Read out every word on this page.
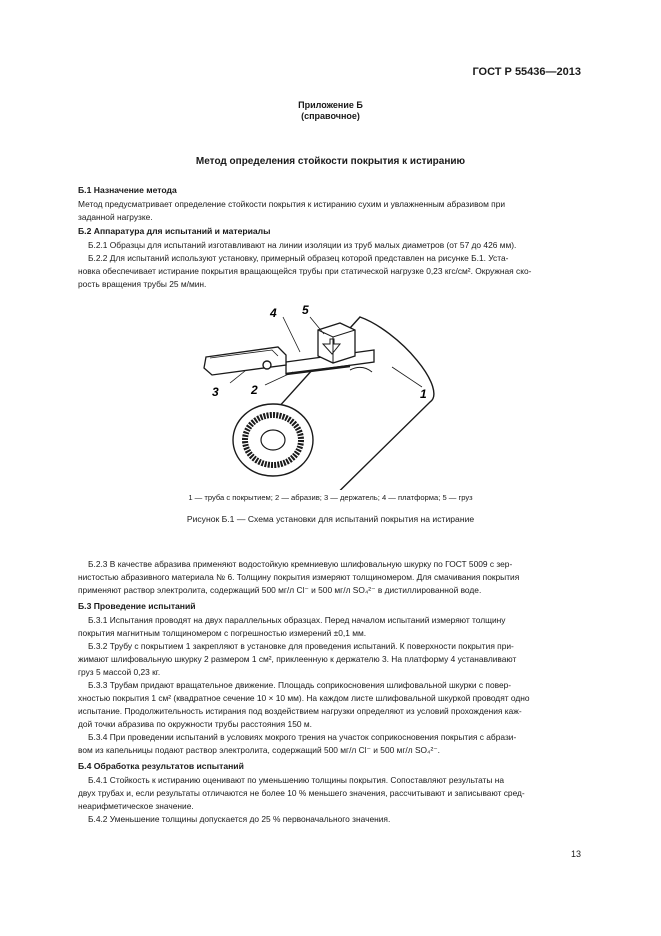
ГОСТ Р 55436—2013
Приложение Б
(справочное)
Метод определения стойкости покрытия к истиранию
Б.1 Назначение метода
Метод предусматривает определение стойкости покрытия к истиранию сухим и увлажненным абразивом при
заданной нагрузке.
Б.2 Аппаратура для испытаний и материалы
Б.2.1 Образцы для испытаний изготавливают на линии изоляции из труб малых диаметров (от 57 до 426 мм).
Б.2.2 Для испытаний используют установку, примерный образец которой представлен на рисунке Б.1. Уста-
новка обеспечивает истирание покрытия вращающейся трубы при статической нагрузке 0,23 кгс/см². Окружная ско-
рость вращения трубы 25 м/мин.
4 5
3	2	1
1 — труба с покрытием; 2 — абразив; 3 — держатель; 4 — платформа; 5 — груз
Рисунок Б.1 — Схема установки для испытаний покрытия на истирание
Б.2.3 В качестве абразива применяют водостойкую кремниевую шлифовальную шкурку по ГОСТ 5009 с зер-
нистостью абразивного материала № 6. Толщину покрытия измеряют толщиномером. Для смачивания покрытия
применяют раствор электролита, содержащий 500 мг/л Cl⁻ и 500 мг/л SO₄²⁻ в дистиллированной воде.
Б.3 Проведение испытаний
Б.3.1 Испытания проводят на двух параллельных образцах. Перед началом испытаний измеряют толщину
покрытия магнитным толщиномером с погрешностью измерений ±0,1 мм.
Б.3.2 Трубу с покрытием 1 закрепляют в установке для проведения испытаний. К поверхности покрытия при-
жимают шлифовальную шкурку 2 размером 1 см², приклеенную к держателю 3. На платформу 4 устанавливают
груз 5 массой 0,23 кг.
Б.3.3 Трубам придают вращательное движение. Площадь соприкосновения шлифовальной шкурки с повер-
хностью покрытия 1 см² (квадратное сечение 10 × 10 мм). На каждом листе шлифовальной шкуркой проводят одно
испытание. Продолжительность истирания под воздействием нагрузки определяют из условий прохождения каж-
дой точки абразива по окружности трубы расстояния 150 м.
Б.3.4 При проведении испытаний в условиях мокрого трения на участок соприкосновения покрытия с абрази-
вом из капельницы подают раствор электролита, содержащий 500 мг/л Cl⁻ и 500 мг/л SO₄²⁻.
Б.4 Обработка результатов испытаний
Б.4.1 Стойкость к истиранию оценивают по уменьшению толщины покрытия. Сопоставляют результаты на
двух трубах и, если результаты отличаются не более 10 % меньшего значения, рассчитывают и записывают сред-
неарифметическое значение.
Б.4.2 Уменьшение толщины допускается до 25 % первоначального значения.
13
